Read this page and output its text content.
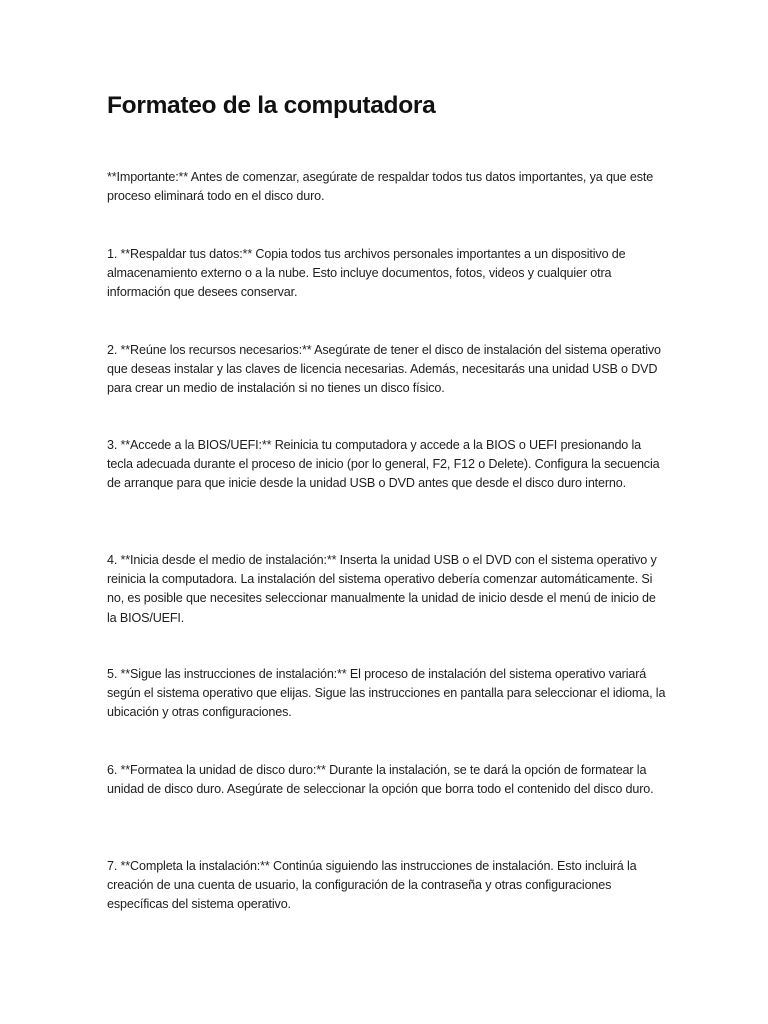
Formateo de la computadora

**Importante:** Antes de comenzar, asegúrate de respaldar todos tus datos importantes, ya que este proceso eliminará todo en el disco duro.

1. **Respaldar tus datos:** Copia todos tus archivos personales importantes a un dispositivo de almacenamiento externo o a la nube. Esto incluye documentos, fotos, videos y cualquier otra información que desees conservar.

2. **Reúne los recursos necesarios:** Asegúrate de tener el disco de instalación del sistema operativo que deseas instalar y las claves de licencia necesarias. Además, necesitarás una unidad USB o DVD para crear un medio de instalación si no tienes un disco físico.

3. **Accede a la BIOS/UEFI:** Reinicia tu computadora y accede a la BIOS o UEFI presionando la tecla adecuada durante el proceso de inicio (por lo general, F2, F12 o Delete). Configura la secuencia de arranque para que inicie desde la unidad USB o DVD antes que desde el disco duro interno.

4. **Inicia desde el medio de instalación:** Inserta la unidad USB o el DVD con el sistema operativo y reinicia la computadora. La instalación del sistema operativo debería comenzar automáticamente. Si no, es posible que necesites seleccionar manualmente la unidad de inicio desde el menú de inicio de la BIOS/UEFI.

5. **Sigue las instrucciones de instalación:** El proceso de instalación del sistema operativo variará según el sistema operativo que elijas. Sigue las instrucciones en pantalla para seleccionar el idioma, la ubicación y otras configuraciones.

6. **Formatea la unidad de disco duro:** Durante la instalación, se te dará la opción de formatear la unidad de disco duro. Asegúrate de seleccionar la opción que borra todo el contenido del disco duro.

7. **Completa la instalación:** Continúa siguiendo las instrucciones de instalación. Esto incluirá la creación de una cuenta de usuario, la configuración de la contraseña y otras configuraciones específicas del sistema operativo.
